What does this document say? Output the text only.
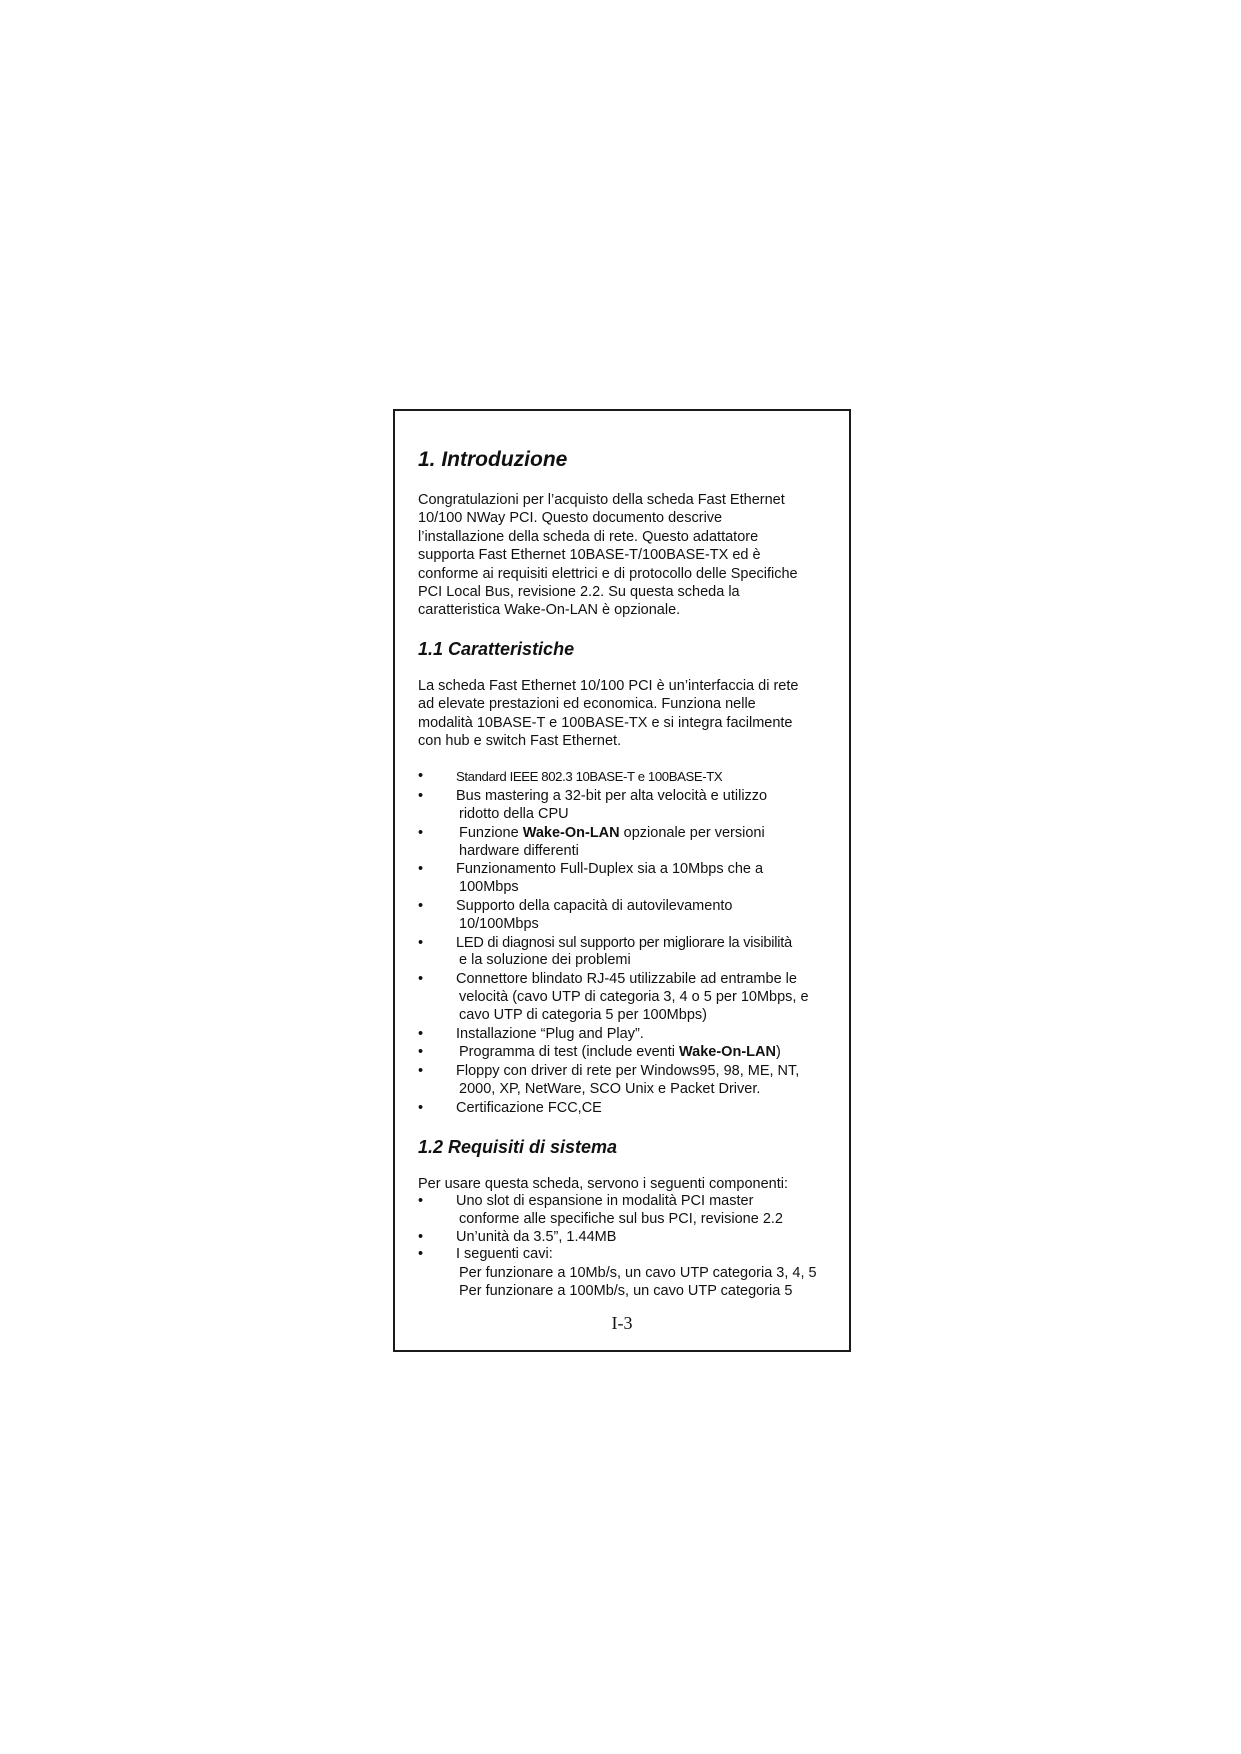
1. Introduzione

Congratulazioni per l’acquisto della scheda Fast Ethernet
10/100 NWay PCI. Questo documento descrive
l’installazione della scheda di rete. Questo adattatore
supporta Fast Ethernet 10BASE-T/100BASE-TX ed è
conforme ai requisiti elettrici e di protocollo delle Specifiche
PCI Local Bus, revisione 2.2. Su questa scheda la
caratteristica Wake-On-LAN è opzionale.

1.1 Caratteristiche

La scheda Fast Ethernet 10/100 PCI è un’interfaccia di rete
ad elevate prestazioni ed economica. Funziona nelle
modalità 10BASE-T e 100BASE-TX e si integra facilmente
con hub e switch Fast Ethernet.

• Standard IEEE 802.3 10BASE-T e 100BASE-TX
• Bus mastering a 32-bit per alta velocità e utilizzo
ridotto della CPU
• Funzione Wake-On-LAN opzionale per versioni
hardware differenti
• Funzionamento Full-Duplex sia a 10Mbps che a
100Mbps
• Supporto della capacità di autovilevamento
10/100Mbps
• LED di diagnosi sul supporto per migliorare la visibilità
e la soluzione dei problemi
• Connettore blindato RJ-45 utilizzabile ad entrambe le
velocità (cavo UTP di categoria 3, 4 o 5 per 10Mbps, e
cavo UTP di categoria 5 per 100Mbps)
• Installazione “Plug and Play”.
• Programma di test (include eventi Wake-On-LAN)
• Floppy con driver di rete per Windows95, 98, ME, NT,
2000, XP, NetWare, SCO Unix e Packet Driver.
• Certificazione FCC,CE
1.2 Requisiti di sistema

Per usare questa scheda, servono i seguenti componenti:

• Uno slot di espansione in modalità PCI master
conforme alle specifiche sul bus PCI, revisione 2.2
• Un’unità da 3.5”, 1.44MB
• I seguenti cavi:
Per funzionare a 10Mb/s, un cavo UTP categoria 3, 4, 5
Per funzionare a 100Mb/s, un cavo UTP categoria 5
I-3
